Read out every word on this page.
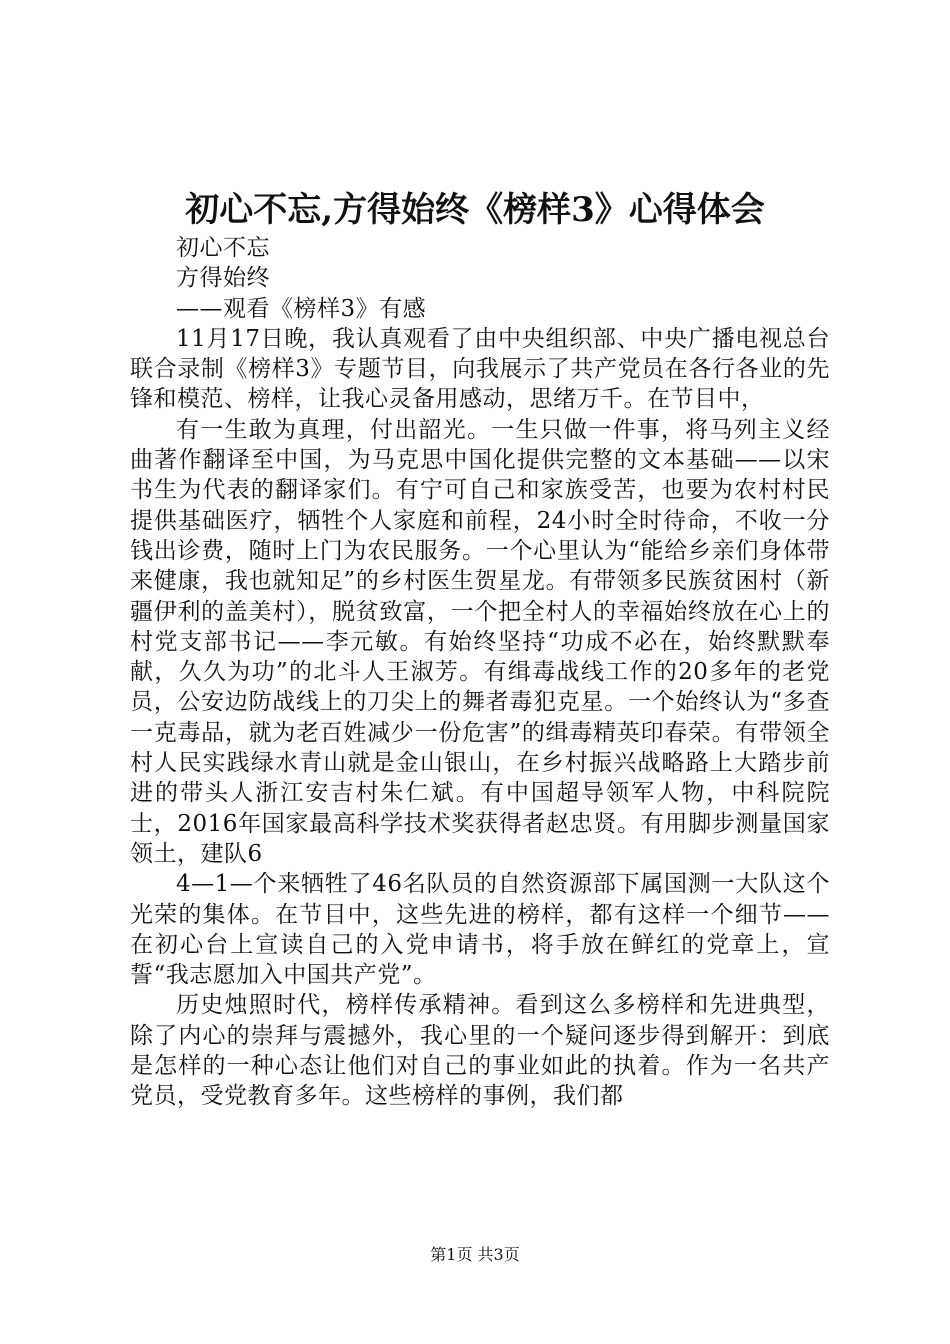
初心不忘,方得始终《榜样3》心得体会

初心不忘

方得始终

——观看《榜样3》有感

11月17日晚，我认真观看了由中央组织部、中央广播电视总台联合录制《榜样3》专题节目，向我展示了共产党员在各行各业的先锋和模范、榜样，让我心灵备用感动，思绪万千。在节目中，

有一生敢为真理，付出韶光。一生只做一件事，将马列主义经曲著作翻译至中国，为马克思中国化提供完整的文本基础——以宋书生为代表的翻译家们。有宁可自己和家族受苦，也要为农村村民提供基础医疗，牺牲个人家庭和前程，24小时全时待命，不收一分钱出诊费，随时上门为农民服务。一个心里认为“能给乡亲们身体带来健康，我也就知足”的乡村医生贺星龙。有带领多民族贫困村（新疆伊利的盖美村），脱贫致富，一个把全村人的幸福始终放在心上的村党支部书记——李元敏。有始终坚持“功成不必在，始终默默奉献，久久为功”的北斗人王淑芳。有缉毒战线工作的20多年的老党员，公安边防战线上的刀尖上的舞者毒犯克星。一个始终认为“多查一克毒品，就为老百姓减少一份危害”的缉毒精英印春荣。有带领全村人民实践绿水青山就是金山银山，在乡村振兴战略路上大踏步前进的带头人浙江安吉村朱仁斌。有中国超导领军人物，中科院院士，2016年国家最高科学技术奖获得者赵忠贤。有用脚步测量国家领土，建队6

4—1—个来牺牲了46名队员的自然资源部下属国测一大队这个光荣的集体。在节目中，这些先进的榜样，都有这样一个细节——在初心台上宣读自己的入党申请书，将手放在鲜红的党章上，宣誓“我志愿加入中国共产党”。

历史烛照时代，榜样传承精神。看到这么多榜样和先进典型，除了内心的崇拜与震撼外，我心里的一个疑问逐步得到解开：到底是怎样的一种心态让他们对自己的事业如此的执着。作为一名共产党员，受党教育多年。这些榜样的事例，我们都

第1页 共3页
